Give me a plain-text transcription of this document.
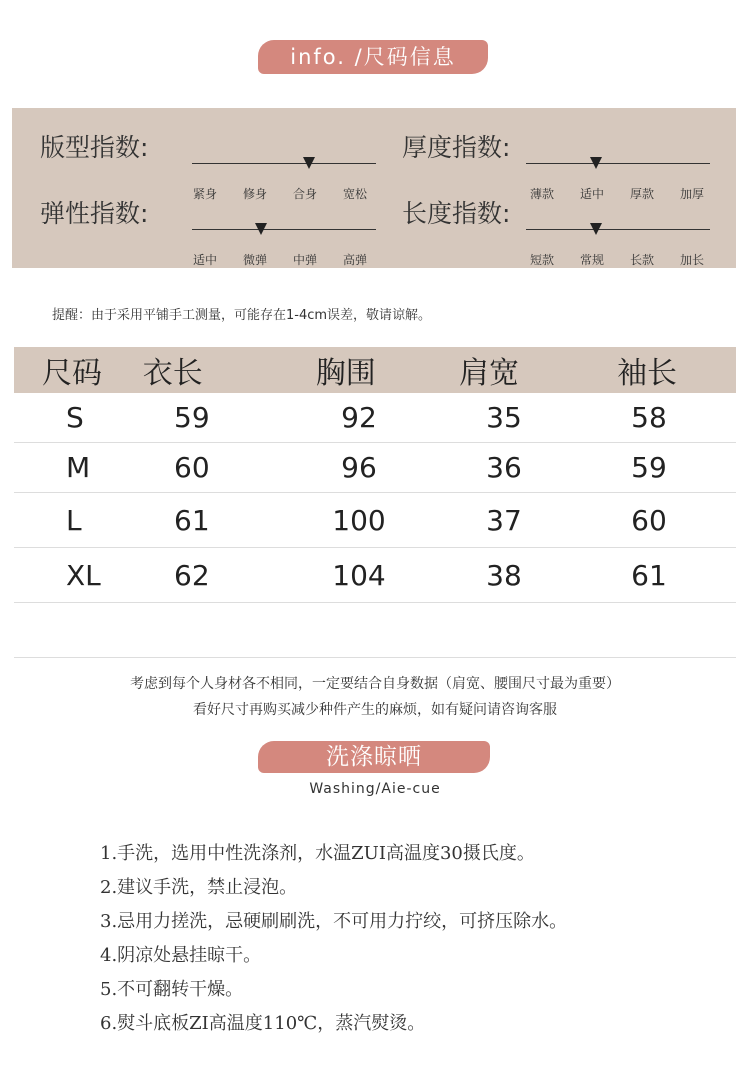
info. /尺码信息
版型指数:
紧身	修身	合身	宽松
厚度指数:
薄款	适中	厚款	加厚
弹性指数:
适中	微弹	中弹	高弹
长度指数:
短款	常规	长款	加长
提醒：由于采用平铺手工测量，可能存在1-4cm误差，敬请谅解。
尺码	衣长	胸围	肩宽	袖长
S	59	92	35	58
M	60	96	36	59
L	61	100	37	60
XL	62	104	38	61
考虑到每个人身材各不相同，一定要结合自身数据（肩宽、腰围尺寸最为重要）
看好尺寸再购买减少种件产生的麻烦，如有疑问请咨询客服
洗涤晾晒
Washing/Aie-cue
1.手洗，选用中性洗涤剂，水温ZUI高温度30摄氏度。
2.建议手洗，禁止浸泡。
3.忌用力搓洗，忌硬刷刷洗，不可用力拧绞，可挤压除水。
4.阴凉处悬挂晾干。
5.不可翻转干燥。
6.熨斗底板ZI高温度110℃，蒸汽熨烫。
